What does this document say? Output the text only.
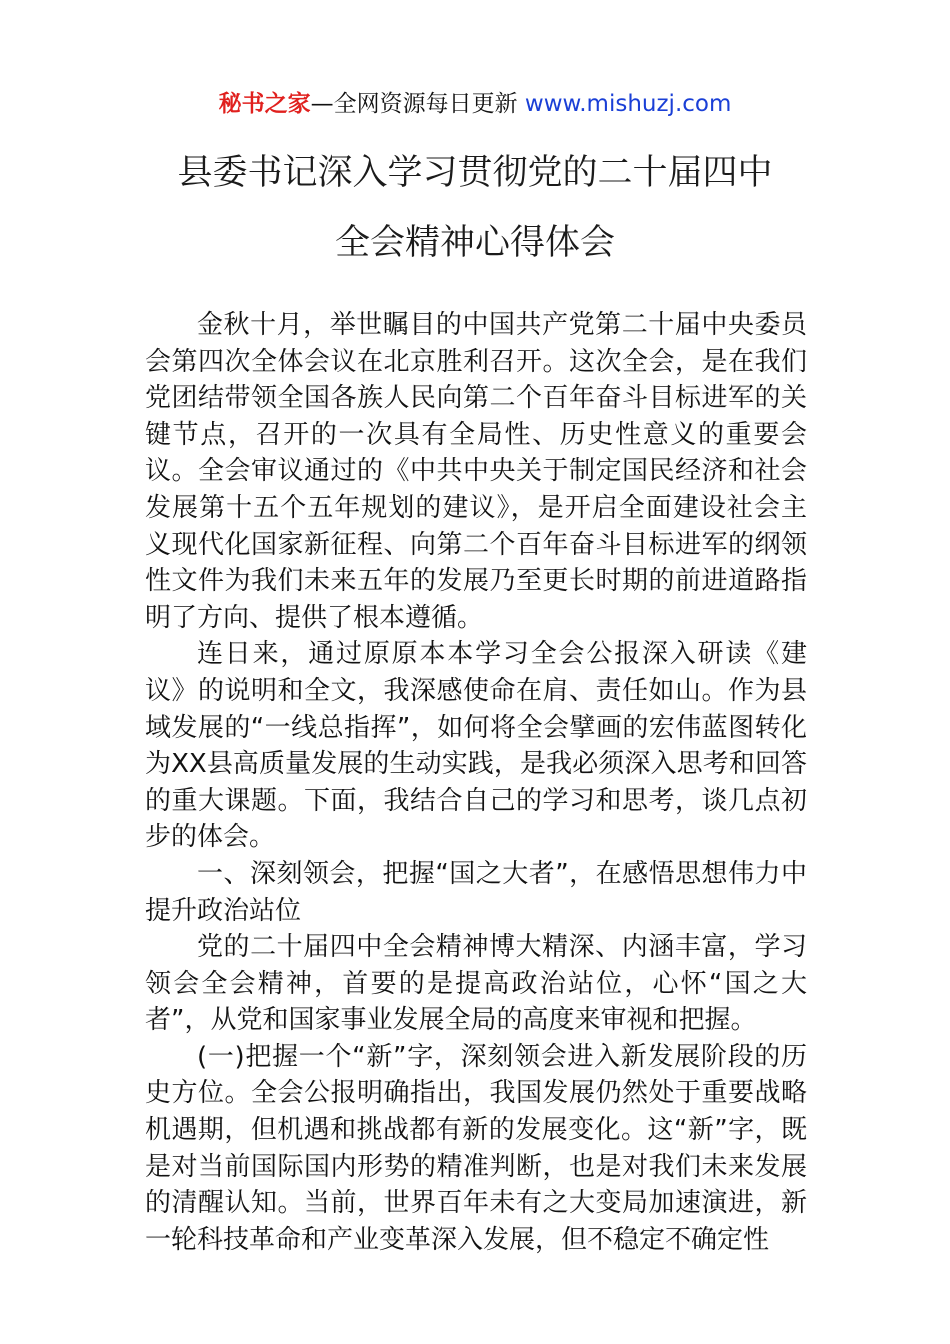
秘书之家—全网资源每日更新 www.mishuzj.com
县委书记深入学习贯彻党的二十届四中
全会精神心得体会

金秋十月，举世瞩目的中国共产党第二十届中央委员会第四次全体会议在北京胜利召开。这次全会，是在我们党团结带领全国各族人民向第二个百年奋斗目标进军的关键节点，召开的一次具有全局性、历史性意义的重要会议。全会审议通过的《中共中央关于制定国民经济和社会发展第十五个五年规划的建议》，是开启全面建设社会主义现代化国家新征程、向第二个百年奋斗目标进军的纲领性文件为我们未来五年的发展乃至更长时期的前进道路指明了方向、提供了根本遵循。

连日来，通过原原本本学习全会公报深入研读《建议》的说明和全文，我深感使命在肩、责任如山。作为县域发展的“一线总指挥”，如何将全会擘画的宏伟蓝图转化为XX县高质量发展的生动实践，是我必须深入思考和回答的重大课题。下面，我结合自己的学习和思考，谈几点初步的体会。

一、深刻领会，把握“国之大者”，在感悟思想伟力中提升政治站位

党的二十届四中全会精神博大精深、内涵丰富，学习领会全会精神，首要的是提高政治站位，心怀“国之大者”，从党和国家事业发展全局的高度来审视和把握。

(一)把握一个“新”字，深刻领会进入新发展阶段的历史方位。全会公报明确指出，我国发展仍然处于重要战略机遇期，但机遇和挑战都有新的发展变化。这“新”字，既是对当前国际国内形势的精准判断，也是对我们未来发展的清醒认知。当前，世界百年未有之大变局加速演进，新一轮科技革命和产业变革深入发展，但不稳定不确定性
